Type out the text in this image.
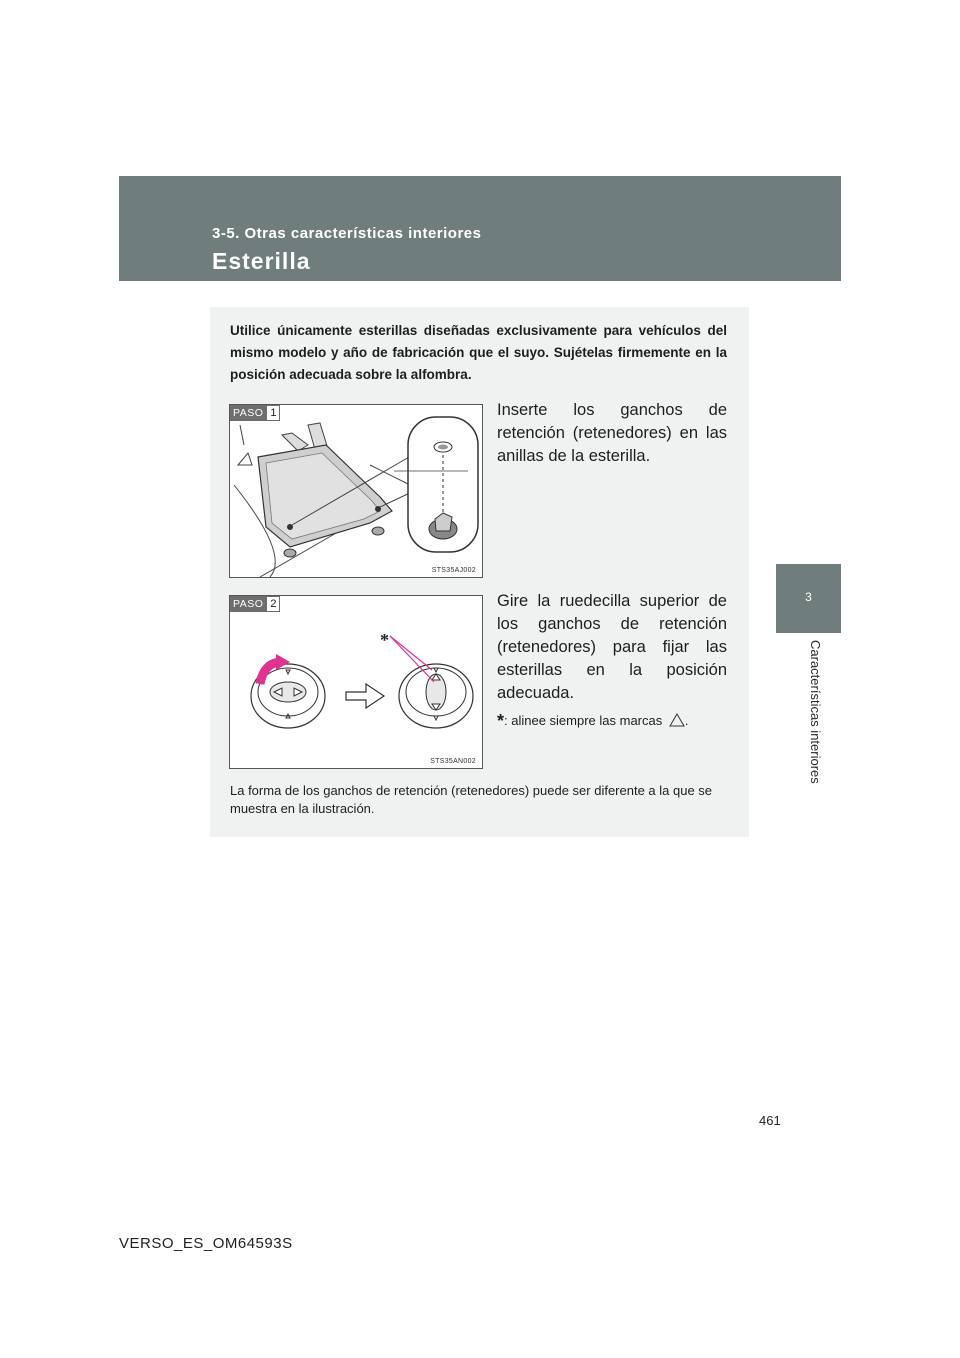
3-5. Otras características interiores
Esterilla
3
Características interiores
Utilice únicamente esterillas diseñadas exclusivamente para vehículos del mismo modelo y año de fabricación que el suyo. Sujételas firmemente en la posición adecuada sobre la alfombra.
PASO 1
STS35AJ002
Inserte los ganchos de retención (retenedores) en las anillas de la esterilla.
*
PASO 2
STS35AN002
Gire la ruedecilla superior de los ganchos de retención (retenedores) para fijar las esterillas en la posición adecuada.
*: alinee siempre las marcas .
La forma de los ganchos de retención (retenedores) puede ser diferente a la que se muestra en la ilustración.
461
VERSO_ES_OM64593S
